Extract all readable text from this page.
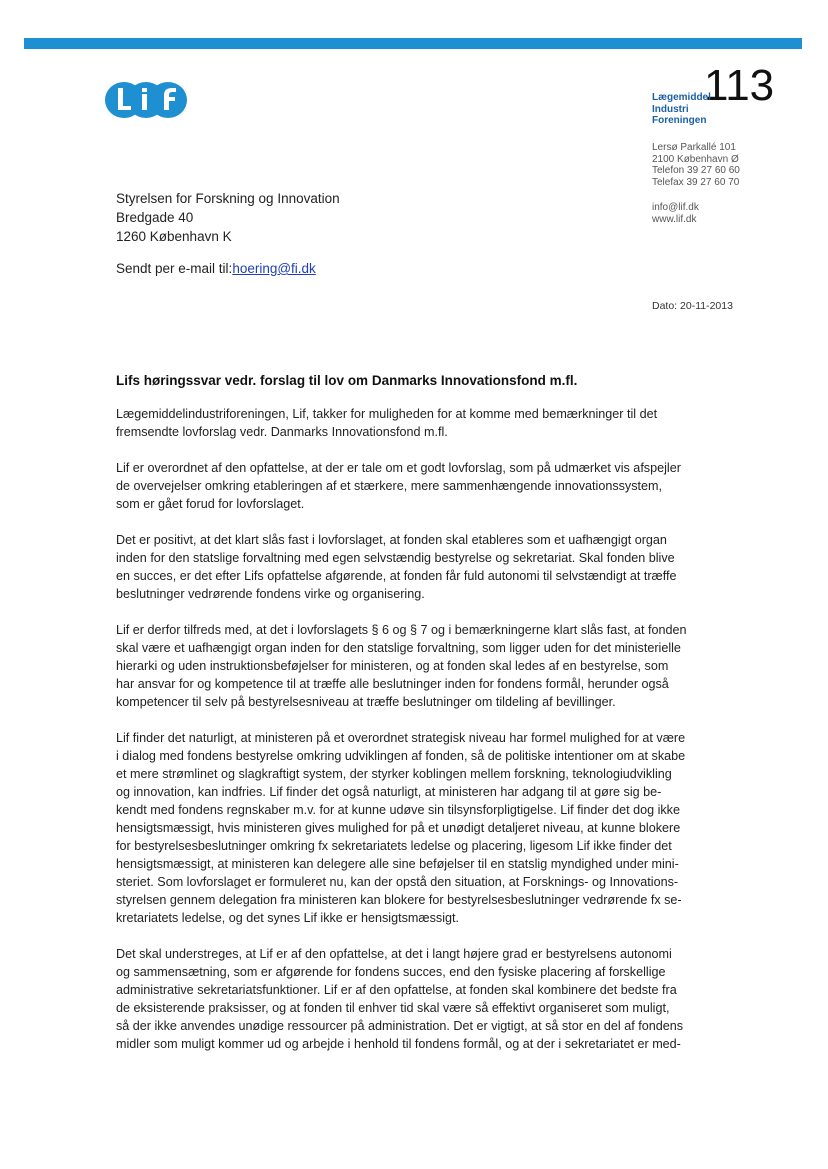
113
Lægemiddel
Industri
Foreningen
Lersø Parkallé 101
2100 København Ø
Telefon 39 27 60 60
Telefax 39 27 60 70
info@lif.dk
www.lif.dk
Styrelsen for Forskning og Innovation
Bredgade 40
1260 København K
Sendt per e-mail til:hoering@fi.dk
Dato: 20-11-2013
Lifs høringssvar vedr. forslag til lov om Danmarks Innovationsfond m.fl.

Lægemiddelindustriforeningen, Lif, takker for muligheden for at komme med bemærkninger til det
fremsendte lovforslag vedr. Danmarks Innovationsfond m.fl.

Lif er overordnet af den opfattelse, at der er tale om et godt lovforslag, som på udmærket vis afspejler
de overvejelser omkring etableringen af et stærkere, mere sammenhængende innovationssystem,
som er gået forud for lovforslaget.

Det er positivt, at det klart slås fast i lovforslaget, at fonden skal etableres som et uafhængigt organ
inden for den statslige forvaltning med egen selvstændig bestyrelse og sekretariat. Skal fonden blive
en succes, er det efter Lifs opfattelse afgørende, at fonden får fuld autonomi til selvstændigt at træffe
beslutninger vedrørende fondens virke og organisering.

Lif er derfor tilfreds med, at det i lovforslagets § 6 og § 7 og i bemærkningerne klart slås fast, at fonden
skal være et uafhængigt organ inden for den statslige forvaltning, som ligger uden for det ministerielle
hierarki og uden instruktionsbeføjelser for ministeren, og at fonden skal ledes af en bestyrelse, som
har ansvar for og kompetence til at træffe alle beslutninger inden for fondens formål, herunder også
kompetencer til selv på bestyrelsesniveau at træffe beslutninger om tildeling af bevillinger.

Lif finder det naturligt, at ministeren på et overordnet strategisk niveau har formel mulighed for at være
i dialog med fondens bestyrelse omkring udviklingen af fonden, så de politiske intentioner om at skabe
et mere strømlinet og slagkraftigt system, der styrker koblingen mellem forskning, teknologiudvikling
og innovation, kan indfries. Lif finder det også naturligt, at ministeren har adgang til at gøre sig be-
kendt med fondens regnskaber m.v. for at kunne udøve sin tilsynsforpligtigelse. Lif finder det dog ikke
hensigtsmæssigt, hvis ministeren gives mulighed for på et unødigt detaljeret niveau, at kunne blokere
for bestyrelsesbeslutninger omkring fx sekretariatets ledelse og placering, ligesom Lif ikke finder det
hensigtsmæssigt, at ministeren kan delegere alle sine beføjelser til en statslig myndighed under mini-
steriet. Som lovforslaget er formuleret nu, kan der opstå den situation, at Forsknings- og Innovations-
styrelsen gennem delegation fra ministeren kan blokere for bestyrelsesbeslutninger vedrørende fx se-
kretariatets ledelse, og det synes Lif ikke er hensigtsmæssigt.

Det skal understreges, at Lif er af den opfattelse, at det i langt højere grad er bestyrelsens autonomi
og sammensætning, som er afgørende for fondens succes, end den fysiske placering af forskellige
administrative sekretariatsfunktioner. Lif er af den opfattelse, at fonden skal kombinere det bedste fra
de eksisterende praksisser, og at fonden til enhver tid skal være så effektivt organiseret som muligt,
så der ikke anvendes unødige ressourcer på administration. Det er vigtigt, at så stor en del af fondens
midler som muligt kommer ud og arbejde i henhold til fondens formål, og at der i sekretariatet er med-
